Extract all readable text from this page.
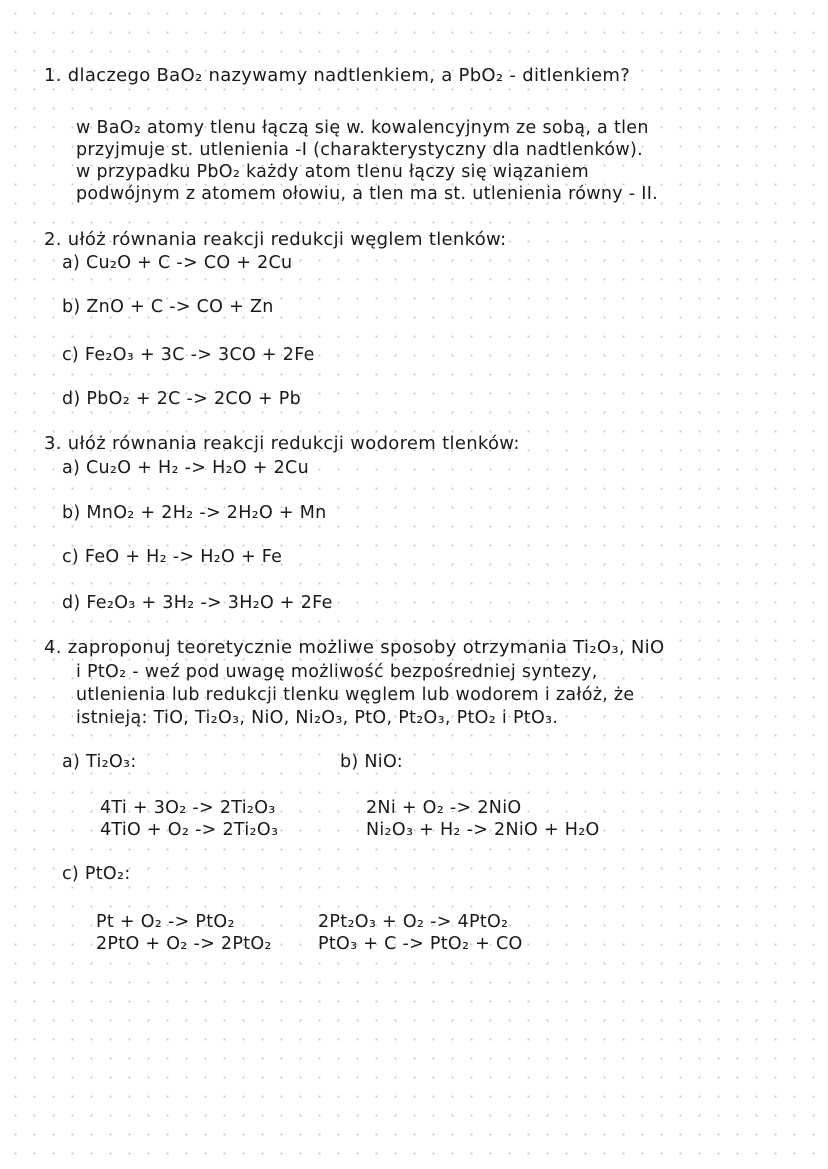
1. dlaczego BaO₂ nazywamy nadtlenkiem, a PbO₂ - ditlenkiem?
w BaO₂ atomy tlenu łączą się w. kowalencyjnym ze sobą, a tlen
przyjmuje st. utlenienia -I (charakterystyczny dla nadtlenków).
w przypadku PbO₂ każdy atom tlenu łączy się wiązaniem
podwójnym z atomem ołowiu, a tlen ma st. utlenienia równy - II.
2. ułóż równania reakcji redukcji węglem tlenków:
a) Cu₂O + C -> CO + 2Cu
b) ZnO + C -> CO + Zn
c) Fe₂O₃ + 3C -> 3CO + 2Fe
d) PbO₂ + 2C -> 2CO + Pb
3. ułóż równania reakcji redukcji wodorem tlenków:
a) Cu₂O + H₂ -> H₂O + 2Cu
b) MnO₂ + 2H₂ -> 2H₂O + Mn
c) FeO + H₂ -> H₂O + Fe
d) Fe₂O₃ + 3H₂ -> 3H₂O + 2Fe
4. zaproponuj teoretycznie możliwe sposoby otrzymania Ti₂O₃, NiO
i PtO₂ - weź pod uwagę możliwość bezpośredniej syntezy,
utlenienia lub redukcji tlenku węglem lub wodorem i załóż, że
istnieją: TiO, Ti₂O₃, NiO, Ni₂O₃, PtO, Pt₂O₃, PtO₂ i PtO₃.
a) Ti₂O₃:	b) NiO:
4Ti + 3O₂ -> 2Ti₂O₃
4TiO + O₂ -> 2Ti₂O₃
2Ni + O₂ -> 2NiO
Ni₂O₃ + H₂ -> 2NiO + H₂O
c) PtO₂:
Pt + O₂ -> PtO₂
2PtO + O₂ -> 2PtO₂
2Pt₂O₃ + O₂ -> 4PtO₂
PtO₃ + C -> PtO₂ + CO
